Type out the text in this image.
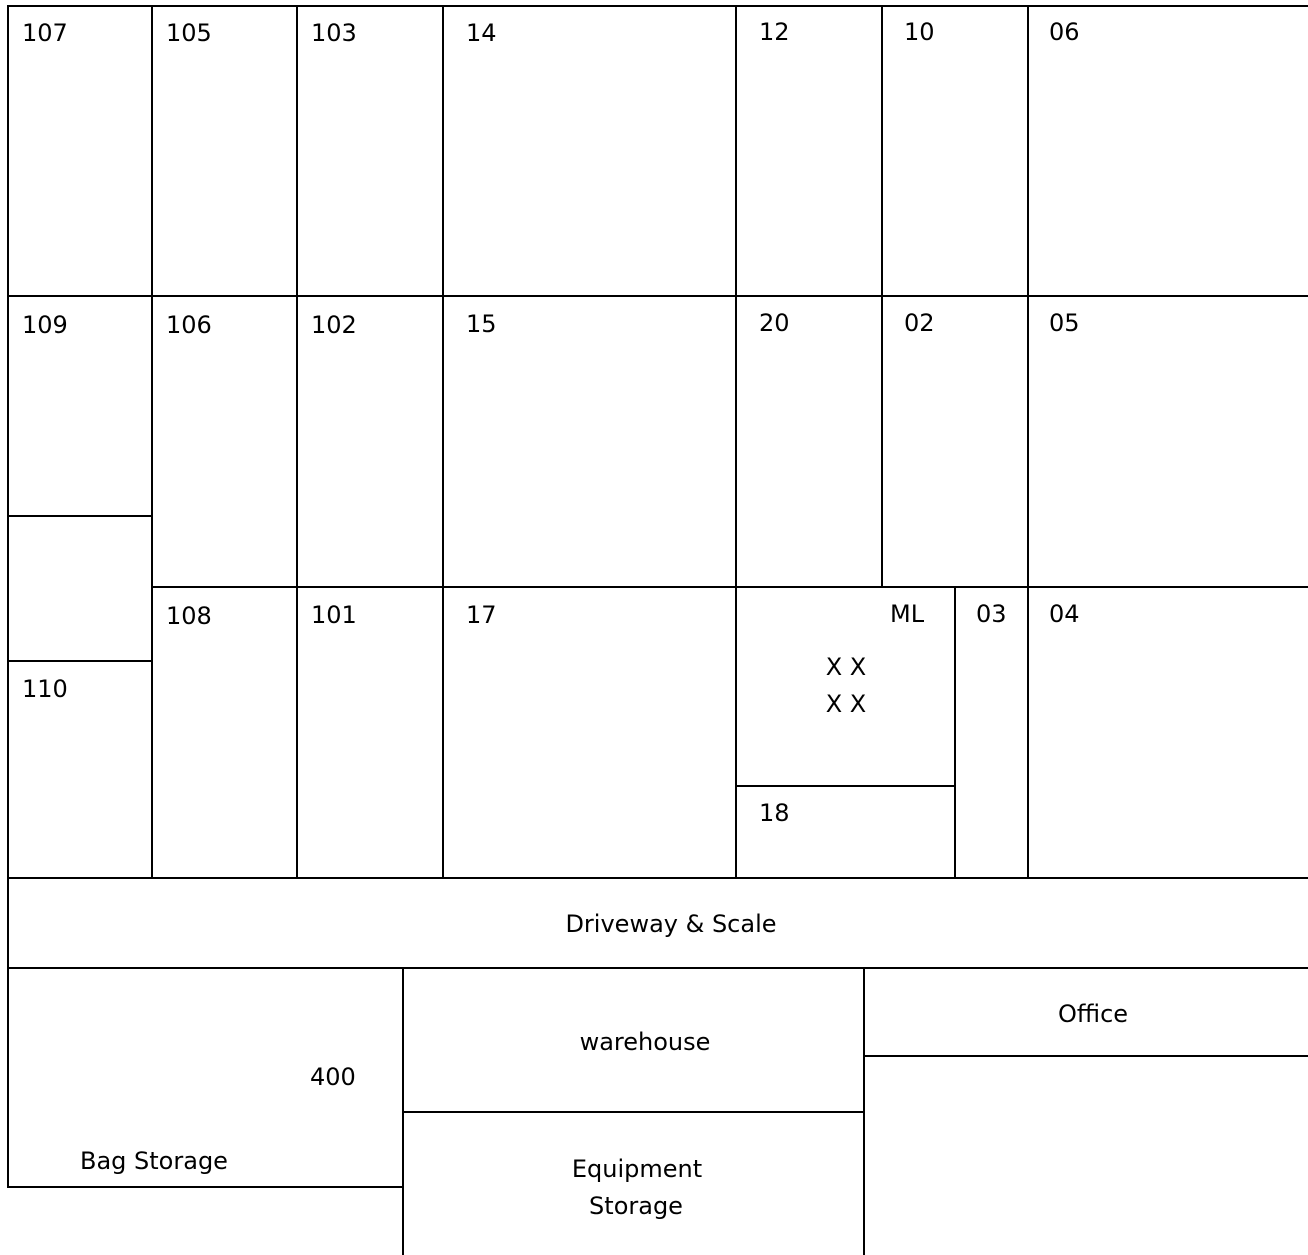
107	105	103	14	12	10	06
109	106	102	15	20	02	05
108	101	17	ML 03 04
X X
X X
110
18
Driveway & Scale
warehouse
Office
400
Bag Storage	Equipment
Storage
